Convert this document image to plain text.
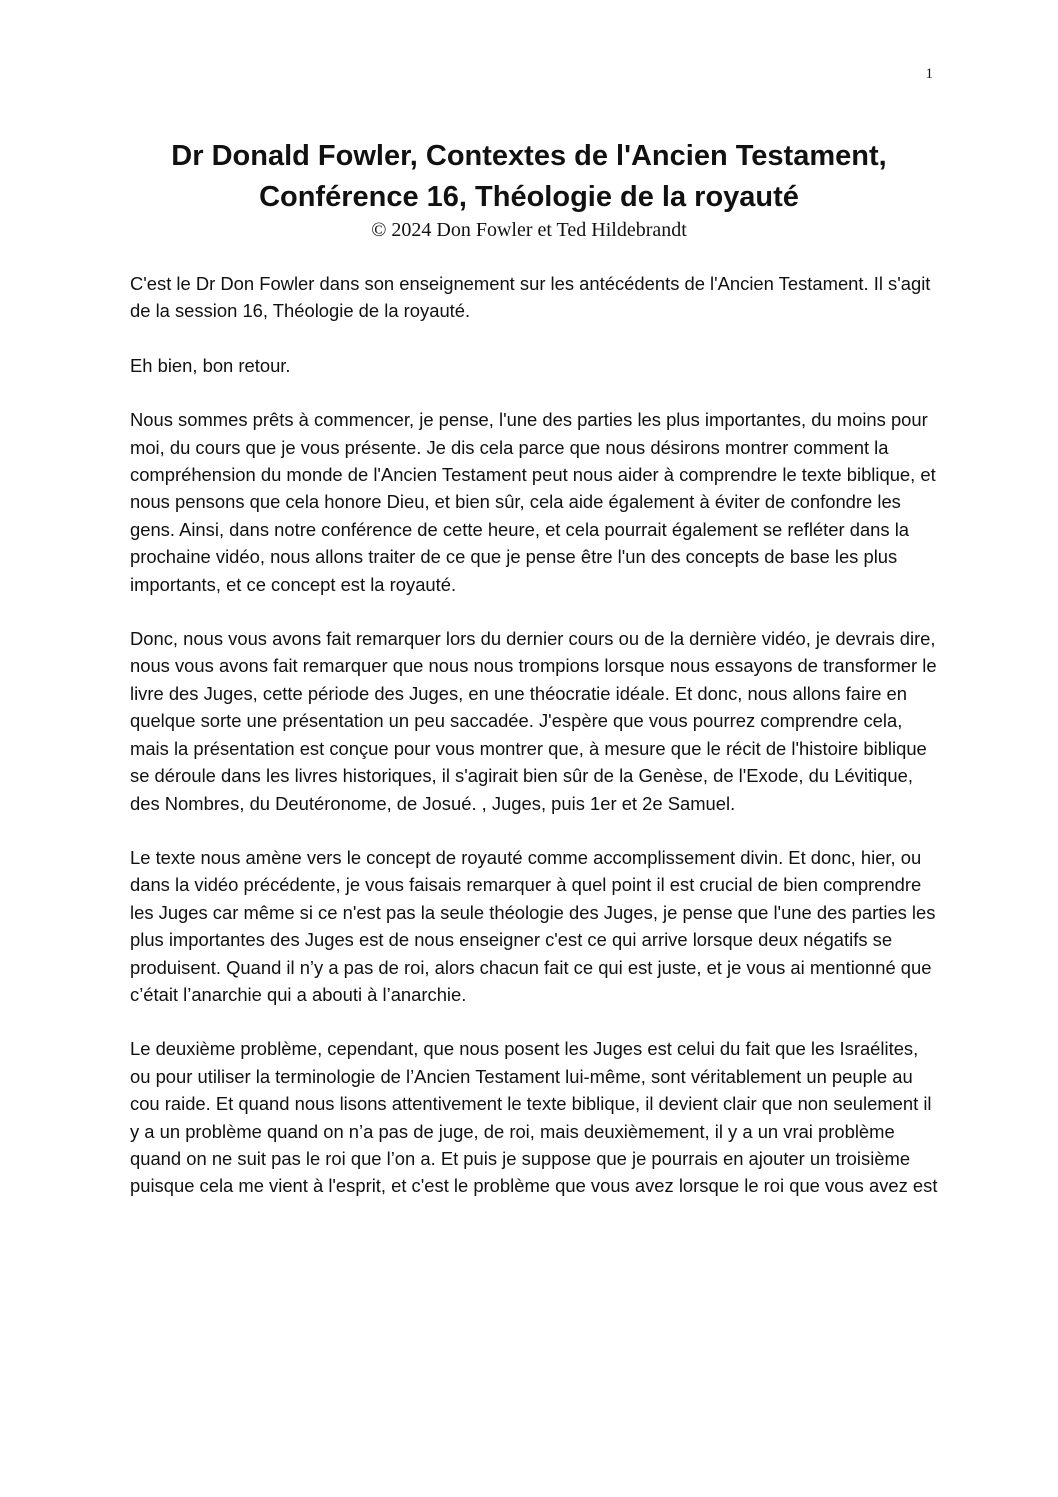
1
Dr Donald Fowler, Contextes de l'Ancien Testament,
Conférence 16, Théologie de la royauté
© 2024 Don Fowler et Ted Hildebrandt

C'est le Dr Don Fowler dans son enseignement sur les antécédents de l'Ancien Testament. Il s'agit de la session 16, Théologie de la royauté.

Eh bien, bon retour.

Nous sommes prêts à commencer, je pense, l'une des parties les plus importantes, du moins pour moi, du cours que je vous présente. Je dis cela parce que nous désirons montrer comment la compréhension du monde de l'Ancien Testament peut nous aider à comprendre le texte biblique, et nous pensons que cela honore Dieu, et bien sûr, cela aide également à éviter de confondre les gens. Ainsi, dans notre conférence de cette heure, et cela pourrait également se refléter dans la prochaine vidéo, nous allons traiter de ce que je pense être l'un des concepts de base les plus importants, et ce concept est la royauté.

Donc, nous vous avons fait remarquer lors du dernier cours ou de la dernière vidéo, je devrais dire, nous vous avons fait remarquer que nous nous trompions lorsque nous essayons de transformer le livre des Juges, cette période des Juges, en une théocratie idéale. Et donc, nous allons faire en quelque sorte une présentation un peu saccadée. J'espère que vous pourrez comprendre cela, mais la présentation est conçue pour vous montrer que, à mesure que le récit de l'histoire biblique se déroule dans les livres historiques, il s'agirait bien sûr de la Genèse, de l'Exode, du Lévitique, des Nombres, du Deutéronome, de Josué. , Juges, puis 1er et 2e Samuel.

Le texte nous amène vers le concept de royauté comme accomplissement divin. Et donc, hier, ou dans la vidéo précédente, je vous faisais remarquer à quel point il est crucial de bien comprendre les Juges car même si ce n'est pas la seule théologie des Juges, je pense que l'une des parties les plus importantes des Juges est de nous enseigner c'est ce qui arrive lorsque deux négatifs se produisent. Quand il n’y a pas de roi, alors chacun fait ce qui est juste, et je vous ai mentionné que c’était l’anarchie qui a abouti à l’anarchie.

Le deuxième problème, cependant, que nous posent les Juges est celui du fait que les Israélites, ou pour utiliser la terminologie de l’Ancien Testament lui-même, sont véritablement un peuple au cou raide. Et quand nous lisons attentivement le texte biblique, il devient clair que non seulement il y a un problème quand on n’a pas de juge, de roi, mais deuxièmement, il y a un vrai problème quand on ne suit pas le roi que l’on a. Et puis je suppose que je pourrais en ajouter un troisième puisque cela me vient à l'esprit, et c'est le problème que vous avez lorsque le roi que vous avez est
